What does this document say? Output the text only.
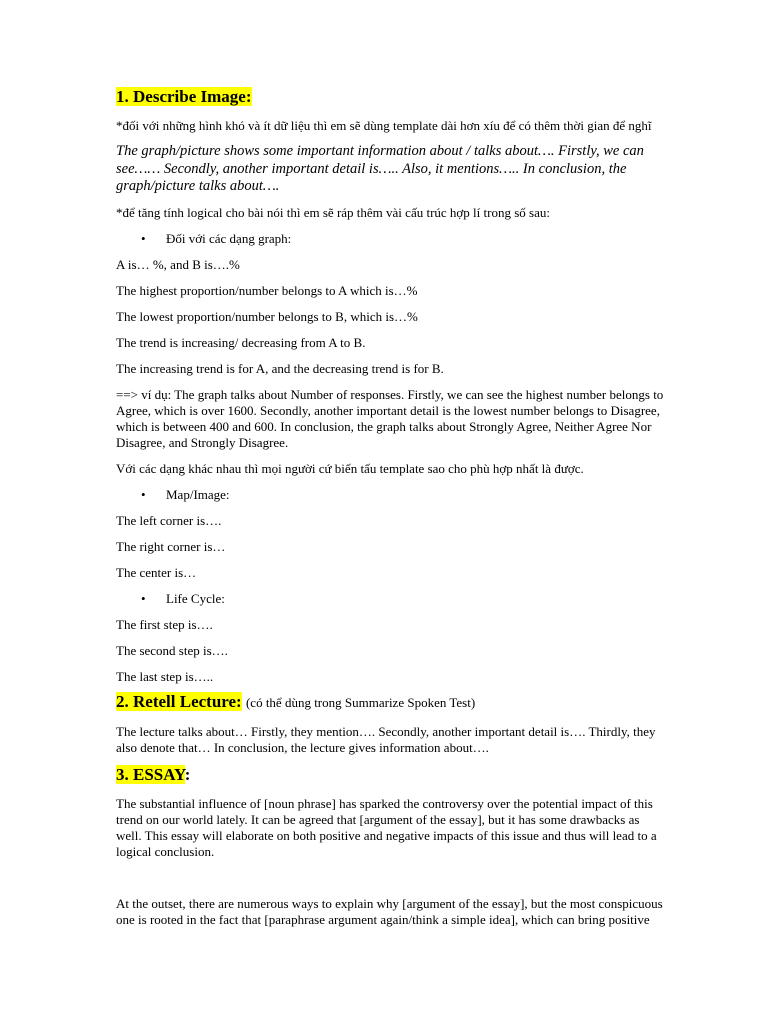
1. Describe Image:

*đối với những hình khó và ít dữ liệu thì em sẽ dùng template dài hơn xíu để có thêm thời gian để nghĩ

The graph/picture shows some important information about / talks about…. Firstly, we can see…… Secondly, another important detail is….. Also, it mentions….. In conclusion, the graph/picture talks about….

*để tăng tính logical cho bài nói thì em sẽ ráp thêm vài cấu trúc hợp lí trong số sau:

• Đối với các dạng graph:

A is… %, and B is….%

The highest proportion/number belongs to A which is…%

The lowest proportion/number belongs to B, which is…%

The trend is increasing/ decreasing from A to B.

The increasing trend is for A, and the decreasing trend is for B.

==> ví dụ: The graph talks about Number of responses. Firstly, we can see the highest number belongs to Agree, which is over 1600. Secondly, another important detail is the lowest number belongs to Disagree, which is between 400 and 600. In conclusion, the graph talks about Strongly Agree, Neither Agree Nor Disagree, and Strongly Disagree.

Với các dạng khác nhau thì mọi người cứ biến tấu template sao cho phù hợp nhất là được.

• Map/Image:

The left corner is….

The right corner is…

The center is…

• Life Cycle:

The first step is….

The second step is….

The last step is…..

2. Retell Lecture: (có thể dùng trong Summarize Spoken Test)

The lecture talks about… Firstly, they mention…. Secondly, another important detail is…. Thirdly, they also denote that… In conclusion, the lecture gives information about….

3. ESSAY:

The substantial influence of [noun phrase] has sparked the controversy over the potential impact of this trend on our world lately. It can be agreed that [argument of the essay], but it has some drawbacks as well. This essay will elaborate on both positive and negative impacts of this issue and thus will lead to a logical conclusion.

At the outset, there are numerous ways to explain why [argument of the essay], but the most conspicuous one is rooted in the fact that [paraphrase argument again/think a simple idea], which can bring positive
